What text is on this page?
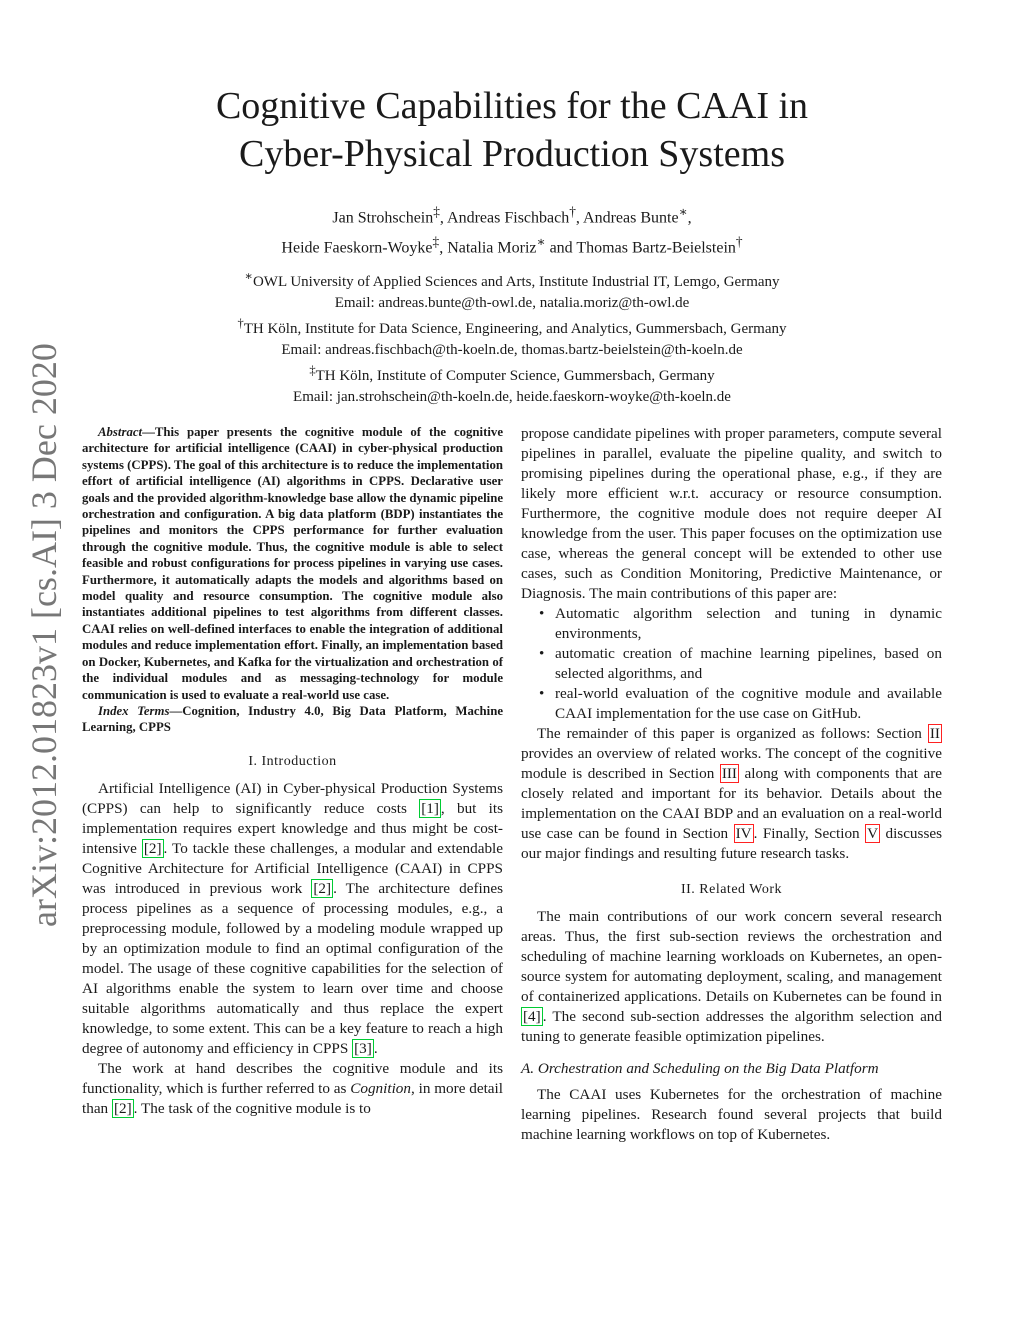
Cognitive Capabilities for the CAAI in
Cyber-Physical Production Systems
Jan Strohschein‡, Andreas Fischbach†, Andreas Bunte∗,
Heide Faeskorn-Woyke‡, Natalia Moriz∗ and Thomas Bartz-Beielstein†
∗OWL University of Applied Sciences and Arts, Institute Industrial IT, Lemgo, Germany
Email: andreas.bunte@th-owl.de, natalia.moriz@th-owl.de
†TH Köln, Institute for Data Science, Engineering, and Analytics, Gummersbach, Germany
Email: andreas.fischbach@th-koeln.de, thomas.bartz-beielstein@th-koeln.de
‡TH Köln, Institute of Computer Science, Gummersbach, Germany
Email: jan.strohschein@th-koeln.de, heide.faeskorn-woyke@th-koeln.de
arXiv:2012.01823v1 [cs.AI] 3 Dec 2020	Abstract—This paper presents the cognitive module of the cognitive architecture for artificial intelligence (CAAI) in cyber-physical production systems (CPPS). The goal of this architecture is to reduce the implementation effort of artificial intelligence (AI) algorithms in CPPS. Declarative user goals and the provided algorithm-knowledge base allow the dynamic pipeline orchestration and configuration. A big data platform (BDP) instantiates the pipelines and monitors the CPPS performance for further evaluation through the cognitive module. Thus, the cognitive module is able to select feasible and robust configurations for process pipelines in varying use cases. Furthermore, it automatically adapts the models and algorithms based on model quality and resource consumption. The cognitive module also instantiates additional pipelines to test algorithms from different classes. CAAI relies on well-defined interfaces to enable the integration of additional modules and reduce implementation effort. Finally, an implementation based on Docker, Kubernetes, and Kafka for the virtualization and orchestration of the individual modules and as messaging-technology for module communication is used to evaluate a real-world use case.

Index Terms—Cognition, Industry 4.0, Big Data Platform, Machine Learning, CPPS

I. Introduction

Artificial Intelligence (AI) in Cyber-physical Production Systems (CPPS) can help to significantly reduce costs [1] , but its implementation requires expert knowledge and thus might be cost-intensive [2] . To tackle these challenges, a modular and extendable Cognitive Architecture for Artificial Intelligence (CAAI) in CPPS was introduced in previous work [2] . The architecture defines process pipelines as a sequence of processing modules, e.g., a preprocessing module, followed by a modeling module wrapped up by an optimization module to find an optimal configuration of the model. The usage of these cognitive capabilities for the selection of AI algorithms enable the system to learn over time and choose suitable algorithms automatically and thus replace the expert knowledge, to some extent. This can be a key feature to reach a high degree of autonomy and efficiency in CPPS [3] .

The work at hand describes the cognitive module and its functionality, which is further referred to as Cognition, in more detail than [2] . The task of the cognitive module is to

propose candidate pipelines with proper parameters, compute several pipelines in parallel, evaluate the pipeline quality, and switch to promising pipelines during the operational phase, e.g., if they are likely more efficient w.r.t. accuracy or resource consumption. Furthermore, the cognitive module does not require deeper AI knowledge from the user. This paper focuses on the optimization use case, whereas the general concept will be extended to other use cases, such as Condition Monitoring, Predictive Maintenance, or Diagnosis. The main contributions of this paper are:

• Automatic algorithm selection and tuning in dynamic environments,
• automatic creation of machine learning pipelines, based on selected algorithms, and
• real-world evaluation of the cognitive module and available CAAI implementation for the use case on GitHub.

The remainder of this paper is organized as follows: Section II provides an overview of related works. The concept of the cognitive module is described in Section III along with components that are closely related and important for its behavior. Details about the implementation on the CAAI BDP and an evaluation on a real-world use case can be found in Section IV . Finally, Section V discusses our major findings and resulting future research tasks.

II. Related Work

The main contributions of our work concern several research areas. Thus, the first sub-section reviews the orchestration and scheduling of machine learning workloads on Kubernetes, an open-source system for automating deployment, scaling, and management of containerized applications. Details on Kubernetes can be found in [4] . The second sub-section addresses the algorithm selection and tuning to generate feasible optimization pipelines.

A. Orchestration and Scheduling on the Big Data Platform

The CAAI uses Kubernetes for the orchestration of machine learning pipelines. Research found several projects that build machine learning workflows on top of Kubernetes.
